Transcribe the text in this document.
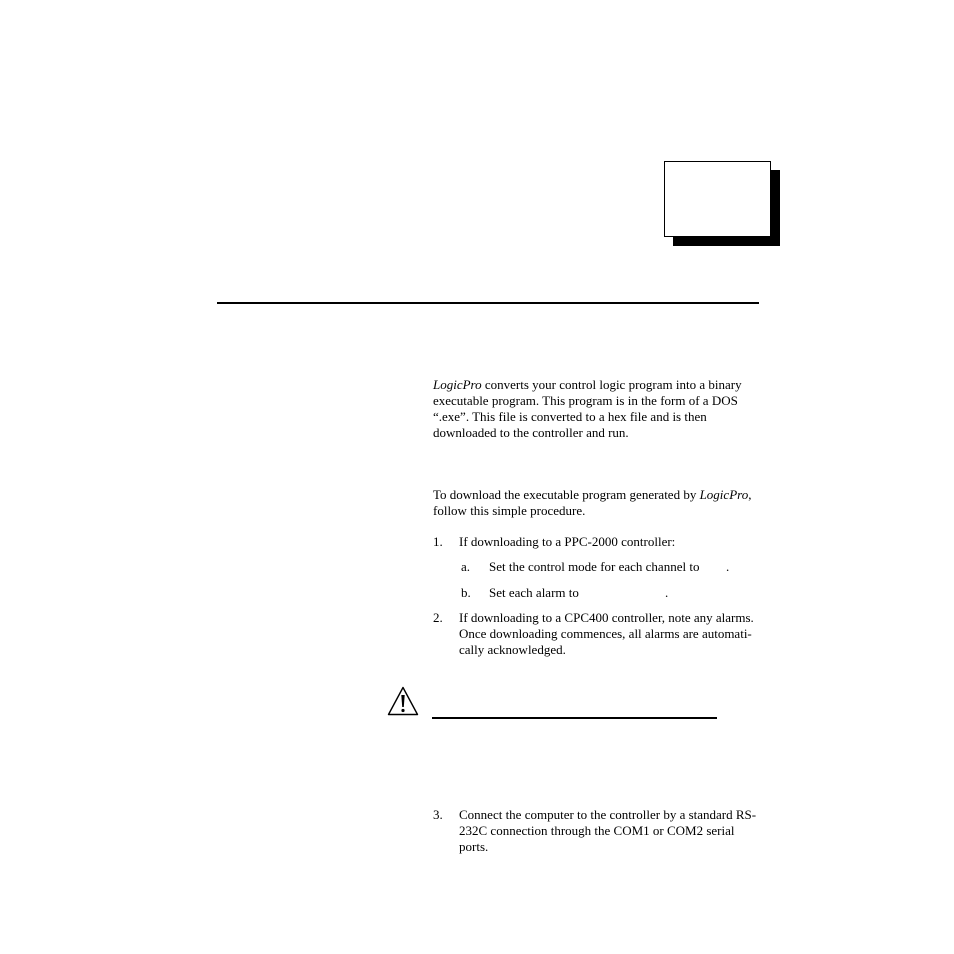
LogicPro converts your control logic program into a binary executable program. This program is in the form of a DOS “.exe”. This file is converted to a hex file and is then downloaded to the controller and run.
To download the executable program generated by LogicPro, follow this simple procedure.
1.	If downloading to a PPC-2000 controller:
a.	Set the control mode for each channel to	.
b.	Set each alarm to	.
2.	If downloading to a CPC400 controller, note any alarms. Once downloading commences, all alarms are automati-cally acknowledged.
3.	Connect the computer to the controller by a standard RS-232C connection through the COM1 or COM2 serial ports.
